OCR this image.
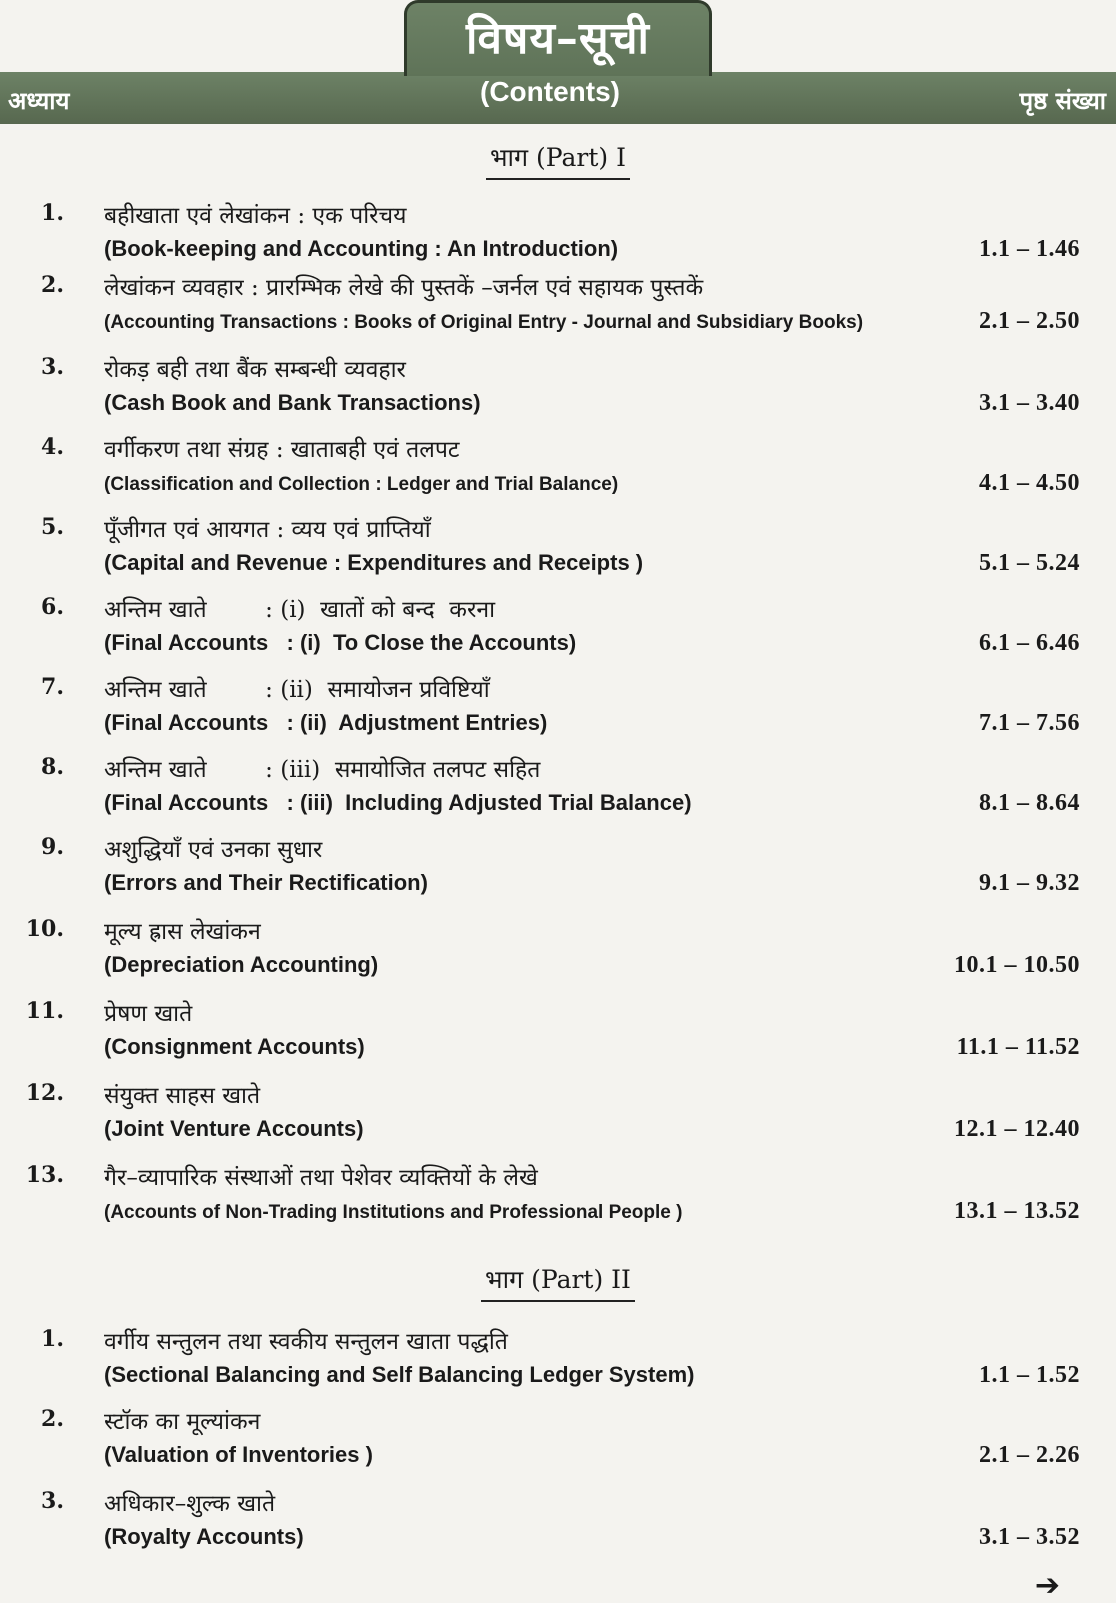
विषय–सूची
अध्याय	(Contents)	पृष्ठ संख्या
भाग (Part) I
1. बहीखाता एवं लेखांकन : एक परिचय
(Book-keeping and Accounting : An Introduction)	1.1 – 1.46
2. लेखांकन व्यवहार : प्रारम्भिक लेखे की पुस्तकें –जर्नल एवं सहायक पुस्तकें
(Accounting Transactions : Books of Original Entry - Journal and Subsidiary Books)	2.1 – 2.50
3. रोकड़ बही तथा बैंक सम्बन्धी व्यवहार
(Cash Book and Bank Transactions)	3.1 – 3.40
4. वर्गीकरण तथा संग्रह : खाताबही एवं तलपट
(Classification and Collection : Ledger and Trial Balance)	4.1 – 4.50
5. पूँजीगत एवं आयगत : व्यय एवं प्राप्तियाँ
(Capital and Revenue : Expenditures and Receipts )	5.1 – 5.24
6. अन्तिम खाते        : (i)  खातों को बन्द  करना
(Final Accounts   : (i)  To Close the Accounts)	6.1 – 6.46
7. अन्तिम खाते        : (ii)  समायोजन प्रविष्टियाँ
(Final Accounts   : (ii)  Adjustment Entries)	7.1 – 7.56
8. अन्तिम खाते        : (iii)  समायोजित तलपट सहित
(Final Accounts   : (iii)  Including Adjusted Trial Balance)	8.1 – 8.64
9. अशुद्धियाँ एवं उनका सुधार
(Errors and Their Rectification)	9.1 – 9.32
10. मूल्य ह्रास लेखांकन
(Depreciation Accounting)	10.1 – 10.50
11. प्रेषण खाते
(Consignment Accounts)	11.1 – 11.52
12. संयुक्त साहस खाते
(Joint Venture Accounts)	12.1 – 12.40
13. गैर–व्यापारिक संस्थाओं तथा पेशेवर व्यक्तियों के लेखे
(Accounts of Non-Trading Institutions and Professional People )	13.1 – 13.52
भाग (Part) II
1. वर्गीय सन्तुलन तथा स्वकीय सन्तुलन खाता पद्धति
(Sectional Balancing and Self Balancing Ledger System)	1.1 – 1.52
2. स्टॉक का मूल्यांकन
(Valuation of Inventories )	2.1 – 2.26
3. अधिकार–शुल्क खाते
(Royalty Accounts)	3.1 – 3.52
➔
